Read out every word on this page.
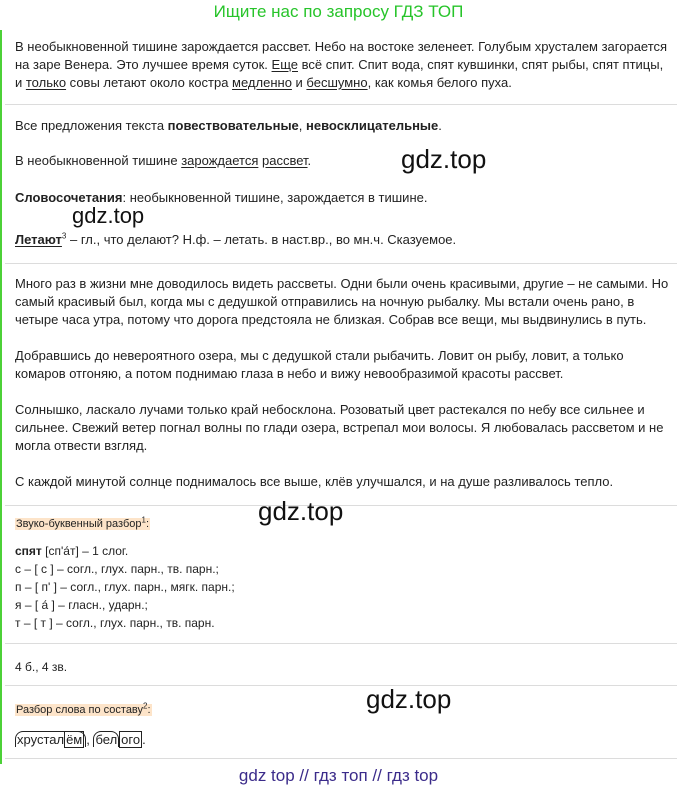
Ищите нас по запросу ГДЗ ТОП
В необыкновенной тишине зарождается рассвет. Небо на востоке зеленеет. Голубым хрусталем загорается на заре Венера. Это лучшее время суток. Еще всё спит. Спит вода, спят кувшинки, спят рыбы, спят птицы, и только совы летают около костра медленно и бесшумно, как комья белого пуха.
Все предложения текста повествовательные, невосклицательные.
В необыкновенной тишине зарождается рассвет.
Словосочетания: необыкновенной тишине, зарождается в тишине.
Летают$^3$ – гл., что делают? Н.ф. – летать. в наст.вр., во мн.ч. Сказуемое.
Много раз в жизни мне доводилось видеть рассветы. Одни были очень красивыми, другие – не самыми. Но самый красивый был, когда мы с дедушкой отправились на ночную рыбалку. Мы встали очень рано, в четыре часа утра, потому что дорога предстояла не близкая. Собрав все вещи, мы выдвинулись в путь.
Добравшись до невероятного озера, мы с дедушкой стали рыбачить. Ловит он рыбу, ловит, а только комаров отгоняю, а потом поднимаю глаза в небо и вижу невообразимой красоты рассвет.
Солнышко, ласкало лучами только край небосклона. Розоватый цвет растекался по небу все сильнее и сильнее. Свежий ветер погнал волны по глади озера, встрепал мои волосы. Я любовалась рассветом и не могла отвести взгляд.
С каждой минутой солнце поднималось все выше, клёв улучшался, и на душе разливалось тепло.
Звуко-буквенный разбор$^1$:
спят [сп'а́т] – 1 слог.
с – [ с ] – согл., глух. парн., тв. парн.;
п – [ п' ] – согл., глух. парн., мягк. парн.;
я – [ а́ ] – гласн., ударн.;
т – [ т ] – согл., глух. парн., тв. парн.
4 б., 4 зв.
Разбор слова по составу$^2$:
хрустал ём , бел ого .
gdz.top
gdz.top
gdz.top
gdz.top
gdz top // гдз топ // гдз top
